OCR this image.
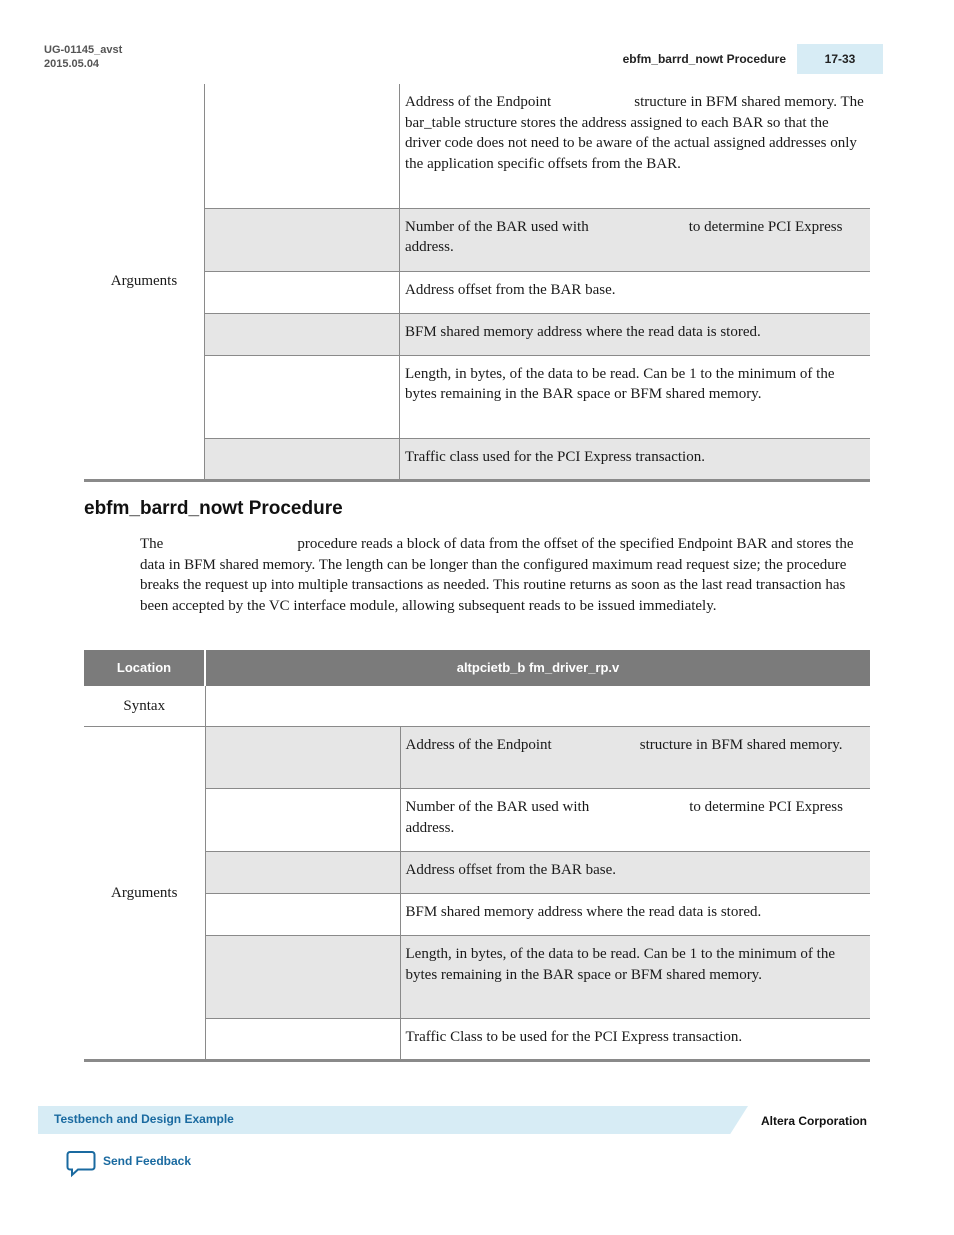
UG-01145_avst
2015.05.04	ebfm_barrd_nowt Procedure	17-33
Arguments		Address of the Endpoint structure in BFM shared memory. The bar_table structure stores the address assigned to each BAR so that the driver code does not need to be aware of the actual assigned addresses only the application specific offsets from the BAR.
		Number of the BAR used with to determine PCI Express address.
		Address offset from the BAR base.
		BFM shared memory address where the read data is stored.
		Length, in bytes, of the data to be read. Can be 1 to the minimum of the bytes remaining in the BAR space or BFM shared memory.
		Traffic class used for the PCI Express transaction.
ebfm_barrd_nowt Procedure
The	procedure reads a block of data from the offset of the specified Endpoint BAR and stores the data in BFM shared memory. The length can be longer than the configured maximum read request size; the procedure breaks the request up into multiple transactions as needed. This routine returns as soon as the last read transaction has been accepted by the VC interface module, allowing subsequent reads to be issued immediately.
Location	altpcietb_b fm_driver_rp.v	
Syntax		
Arguments		Address of the Endpoint structure in BFM shared memory.
		Number of the BAR used with to determine PCI Express address.
		Address offset from the BAR base.
		BFM shared memory address where the read data is stored.
		Length, in bytes, of the data to be read. Can be 1 to the minimum of the bytes remaining in the BAR space or BFM shared memory.
		Traffic Class to be used for the PCI Express transaction.
Testbench and Design Example	Altera Corporation
Send Feedback
